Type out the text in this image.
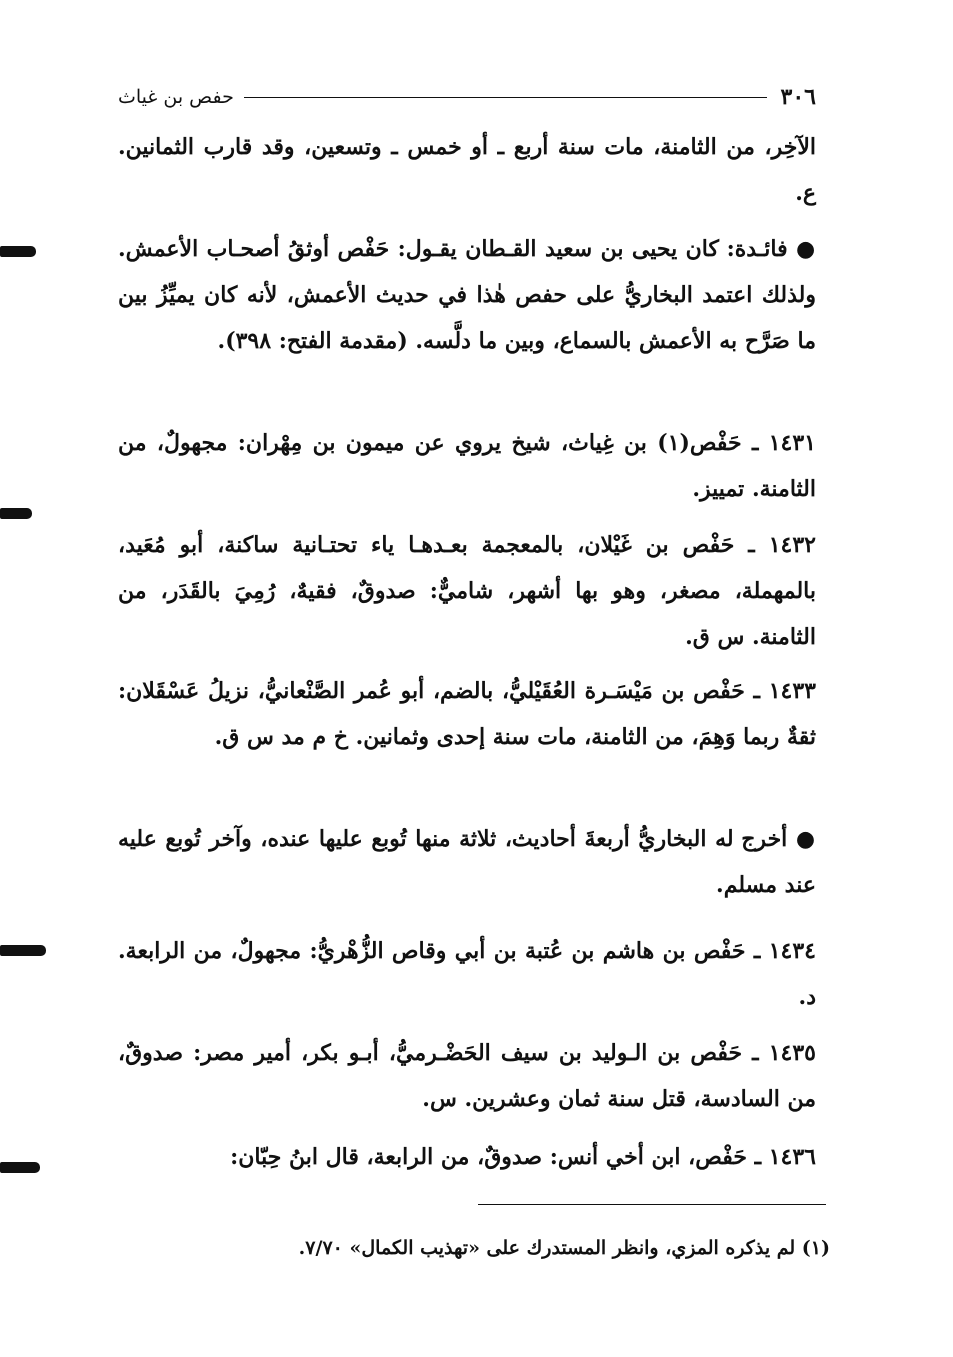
٣٠٦
حفص بن غياث

الآخِر، من الثامنة، مات سنة أربع ـ أو خمس ـ وتسعين، وقد قارب الثمانين. ع.

● فائـدة: كان يحيى بن سعيد القـطان يقـول: حَفْص أوثقُ أصحـاب الأعمش. ولذلك اعتمد البخاريُّ على حفص هٰذا في حديث الأعمش، لأنه كان يميِّزُ بين ما صَرَّح به الأعمش بالسماع، وبين ما دلَّسه. (مقدمة الفتح: ٣٩٨).

١٤٣١ ـ حَفْص(١) بن غِياث، شيخ يروي عن ميمون بن مِهْران: مجهولٌ، من الثامنة. تمييز.

١٤٣٢ ـ حَفْص بن غَيْلان، بالمعجمة بعـدهـا ياء تحتـانية ساكنة، أبو مُعَيد، بالمهملة، مصغر، وهو بها أشهر، شاميٌّ: صدوقٌ، فقيهٌ، رُمِيَ بالقَدَر، من الثامنة. س ق.

١٤٣٣ ـ حَفْص بن مَيْسَـرة العُقَيْليُّ، بالضم، أبو عُمر الصَّنْعانيُّ، نزيلُ عَسْقَلان: ثقةٌ ربما وَهِمَ، من الثامنة، مات سنة إحدى وثمانين. خ م مد س ق.

● أخرج له البخاريُّ أربعةَ أحاديث، ثلاثة منها تُوبع عليها عنده، وآخر تُوبع عليه عند مسلم.

١٤٣٤ ـ حَفْص بن هاشم بن عُتبة بن أبي وقاص الزُّهْريُّ: مجهولٌ، من الرابعة. د.

١٤٣٥ ـ حَفْص بن الـوليد بن سيف الحَضْـرميُّ، أبـو بكر، أمير مصر: صدوقٌ، من السادسة، قتل سنة ثمان وعشرين. س.

١٤٣٦ ـ حَفْص، ابن أخي أنس: صدوقٌ، من الرابعة، قال ابنُ حِبّان:

(١) لم يذكره المزي، وانظر المستدرك على «تهذيب الكمال» ٧/٧٠.
